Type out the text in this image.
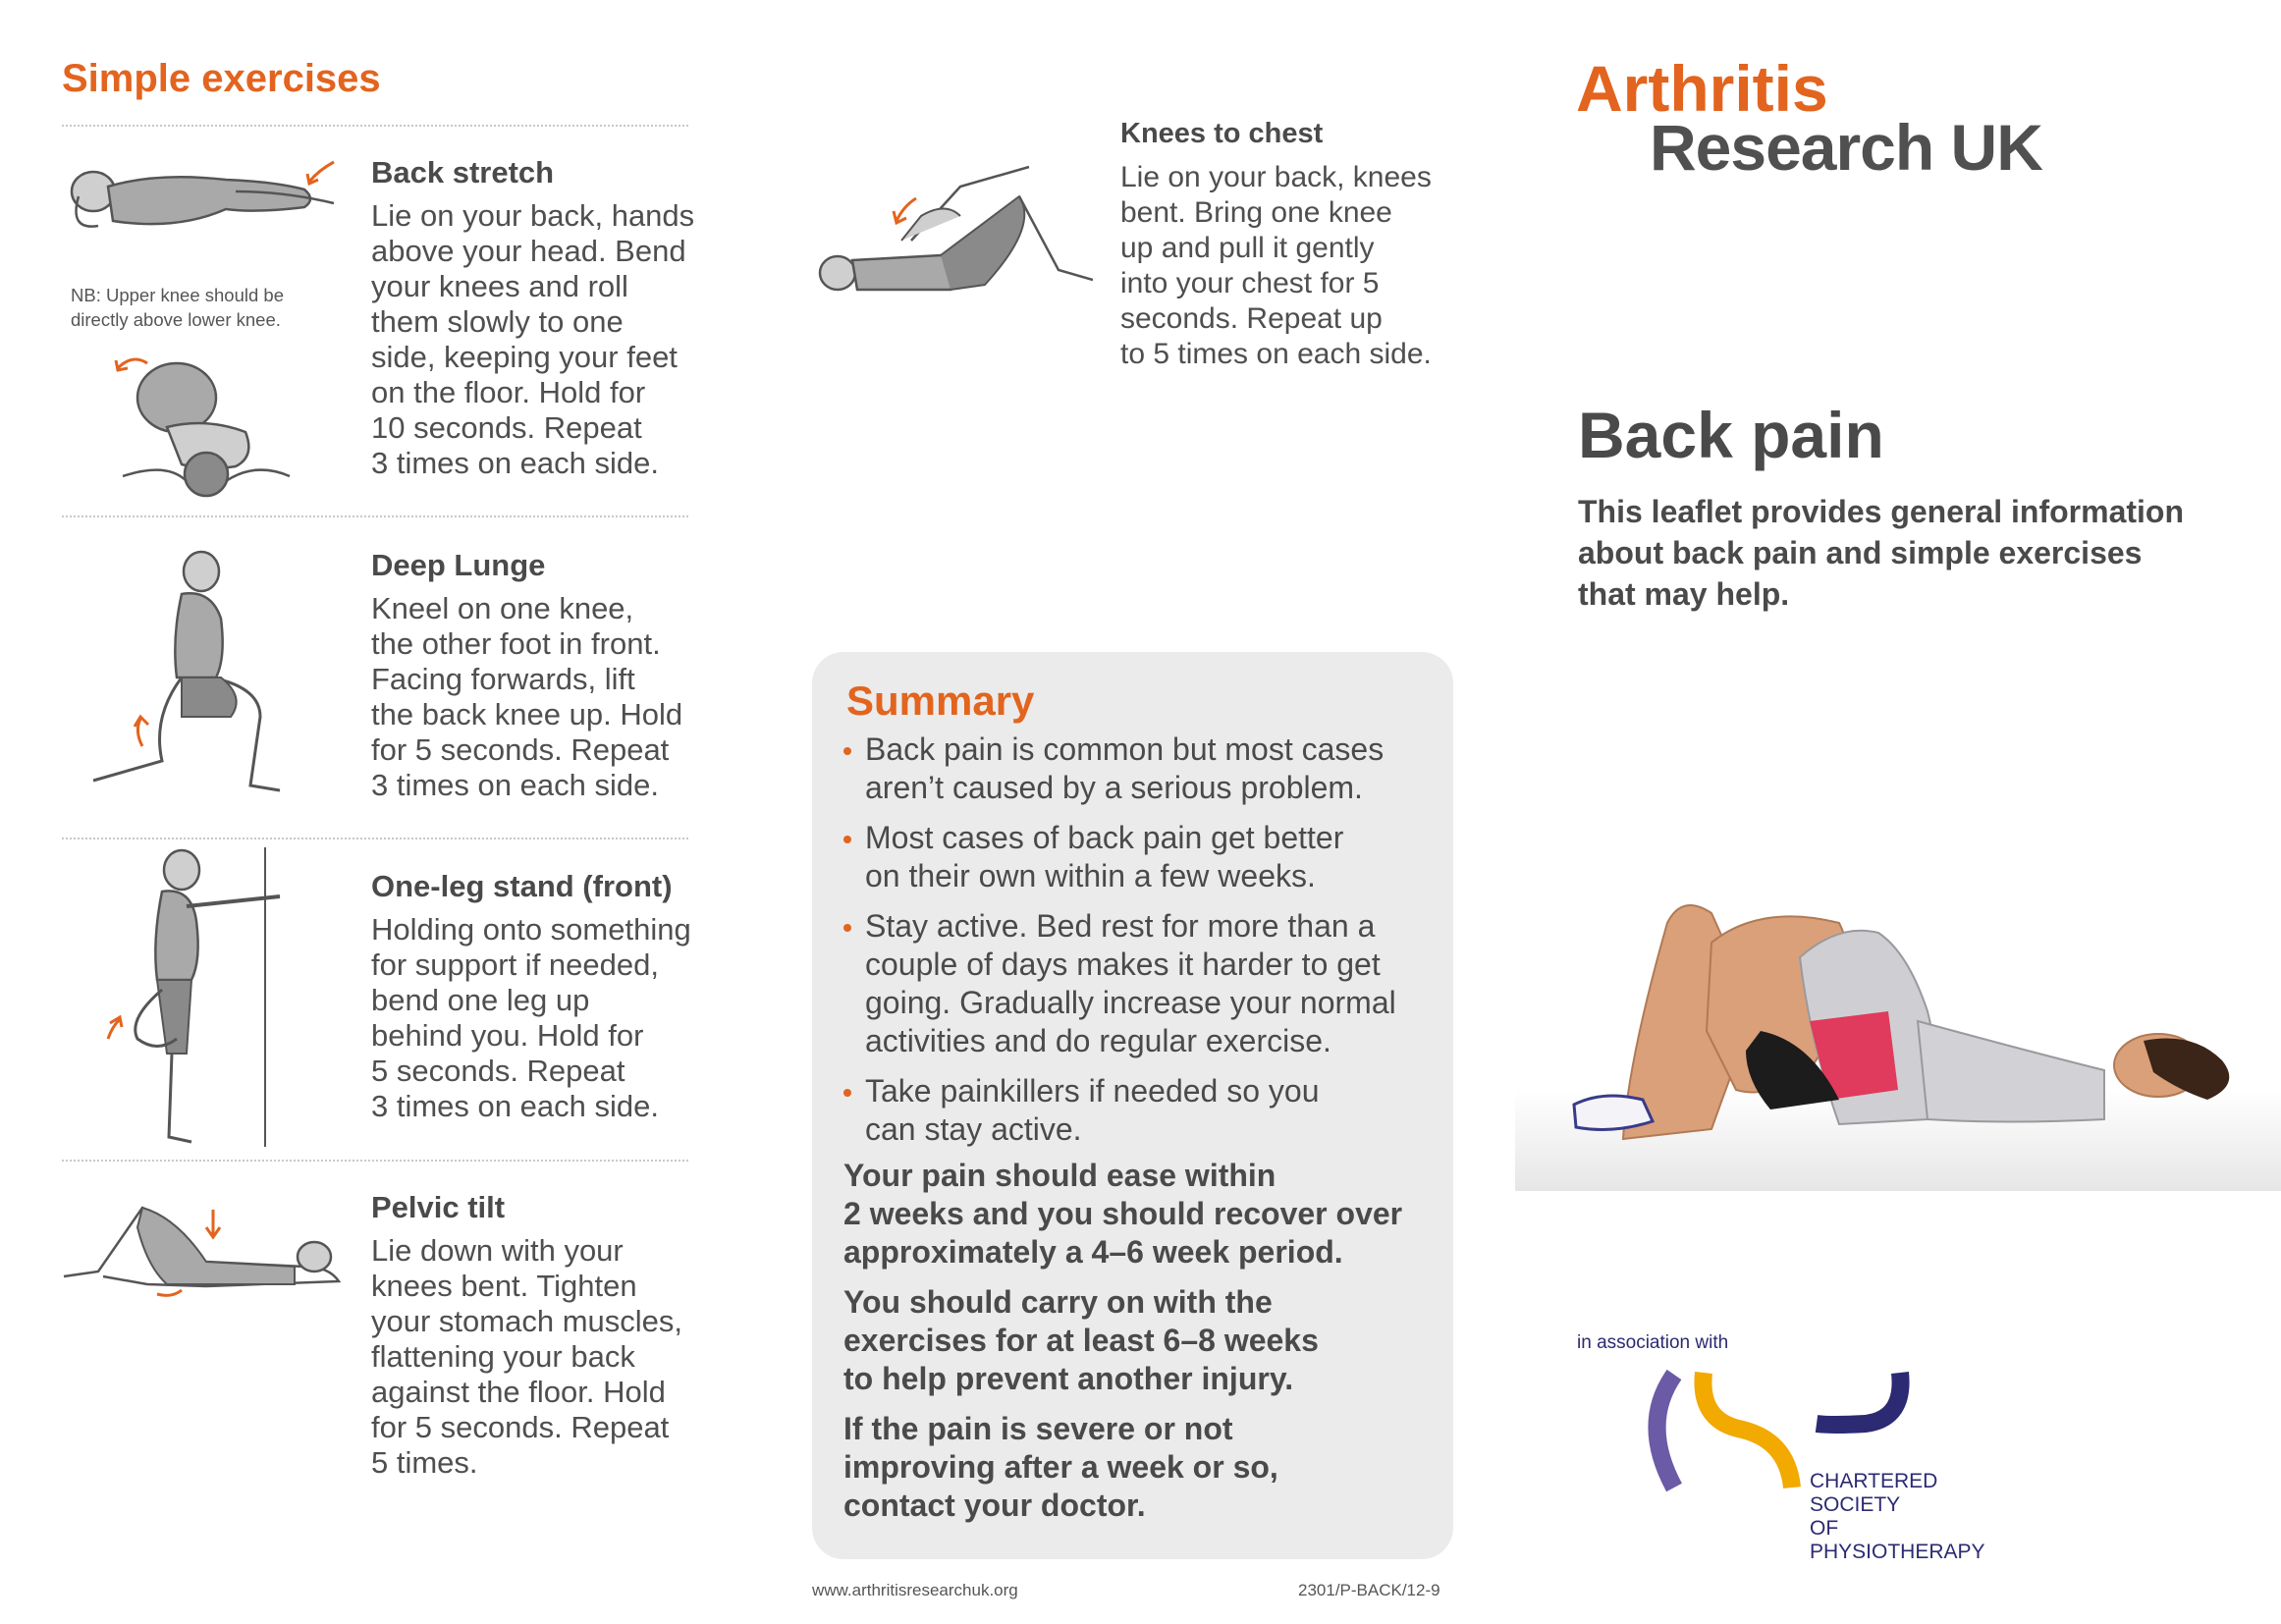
Simple exercises
NB: Upper knee should be
directly above lower knee.
Back stretch
Lie on your back, hands
above your head. Bend
your knees and roll
them slowly to one
side, keeping your feet
on the floor. Hold for
10 seconds. Repeat
3 times on each side.
Deep Lunge
Kneel on one knee,
the other foot in front.
Facing forwards, lift
the back knee up. Hold
for 5 seconds. Repeat
3 times on each side.
One-leg stand (front)
Holding onto something
for support if needed,
bend one leg up
behind you. Hold for
5 seconds. Repeat
3 times on each side.
Pelvic tilt
Lie down with your
knees bent. Tighten
your stomach muscles,
flattening your back
against the floor. Hold
for 5 seconds. Repeat
5 times.
Knees to chest
Lie on your back, knees
bent. Bring one knee
up and pull it gently
into your chest for 5
seconds. Repeat up
to 5 times on each side.
Summary
Back pain is common but most cases
aren’t caused by a serious problem.
Most cases of back pain get better
on their own within a few weeks.
Stay active. Bed rest for more than a
couple of days makes it harder to get
going. Gradually increase your normal
activities and do regular exercise.
Take painkillers if needed so you
can stay active.
Your pain should ease within
2 weeks and you should recover over
approximately a 4–6 week period.
You should carry on with the
exercises for at least 6–8 weeks
to help prevent another injury.
If the pain is severe or not
improving after a week or so,
contact your doctor.
www.arthritisresearchuk.org	2301/P-BACK/12-9
Arthritis
Research UK
Back pain
This leaflet provides general information
about back pain and simple exercises
that may help.
in association with
CHARTERED
SOCIETY
OF
PHYSIOTHERAPY
